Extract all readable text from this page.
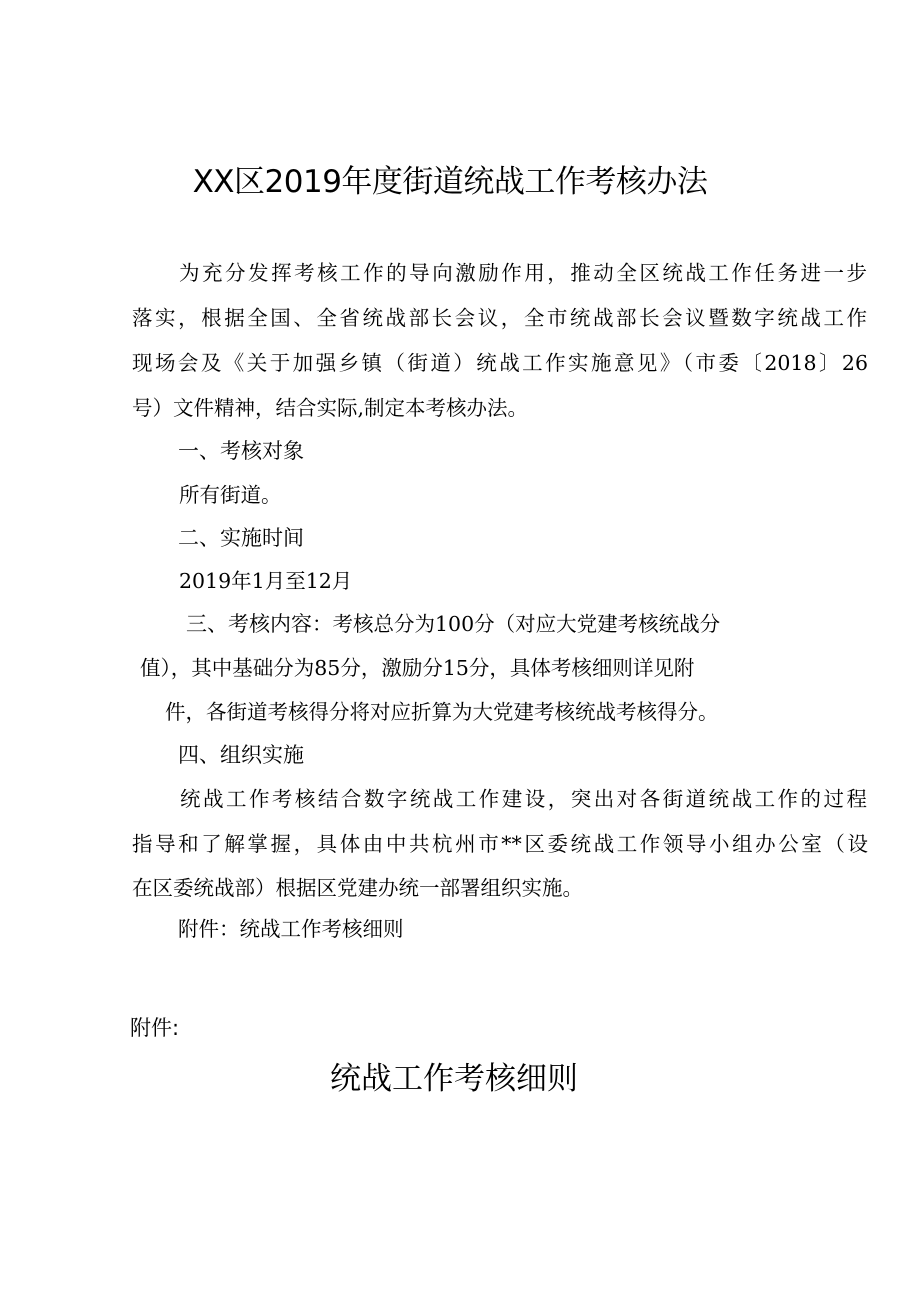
XX区2019年度街道统战工作考核办法
为充分发挥考核工作的导向激励作用，推动全区统战工作任务进一步
落实，根据全国、全省统战部长会议，全市统战部长会议暨数字统战工作
现场会及《关于加强乡镇（街道）统战工作实施意见》（市委〔2018〕26
号）文件精神，结合实际,制定本考核办法。
一、考核对象
所有街道。
二、实施时间
2019年1月至12月
三、考核内容：考核总分为100分（对应大党建考核统战分
值），其中基础分为85分，激励分15分，具体考核细则详见附
件，各街道考核得分将对应折算为大党建考核统战考核得分。
四、组织实施
统战工作考核结合数字统战工作建设，突出对各街道统战工作的过程
指导和了解掌握，具体由中共杭州市**区委统战工作领导小组办公室（设
在区委统战部）根据区党建办统一部署组织实施。
附件：统战工作考核细则
附件:
统战工作考核细则
